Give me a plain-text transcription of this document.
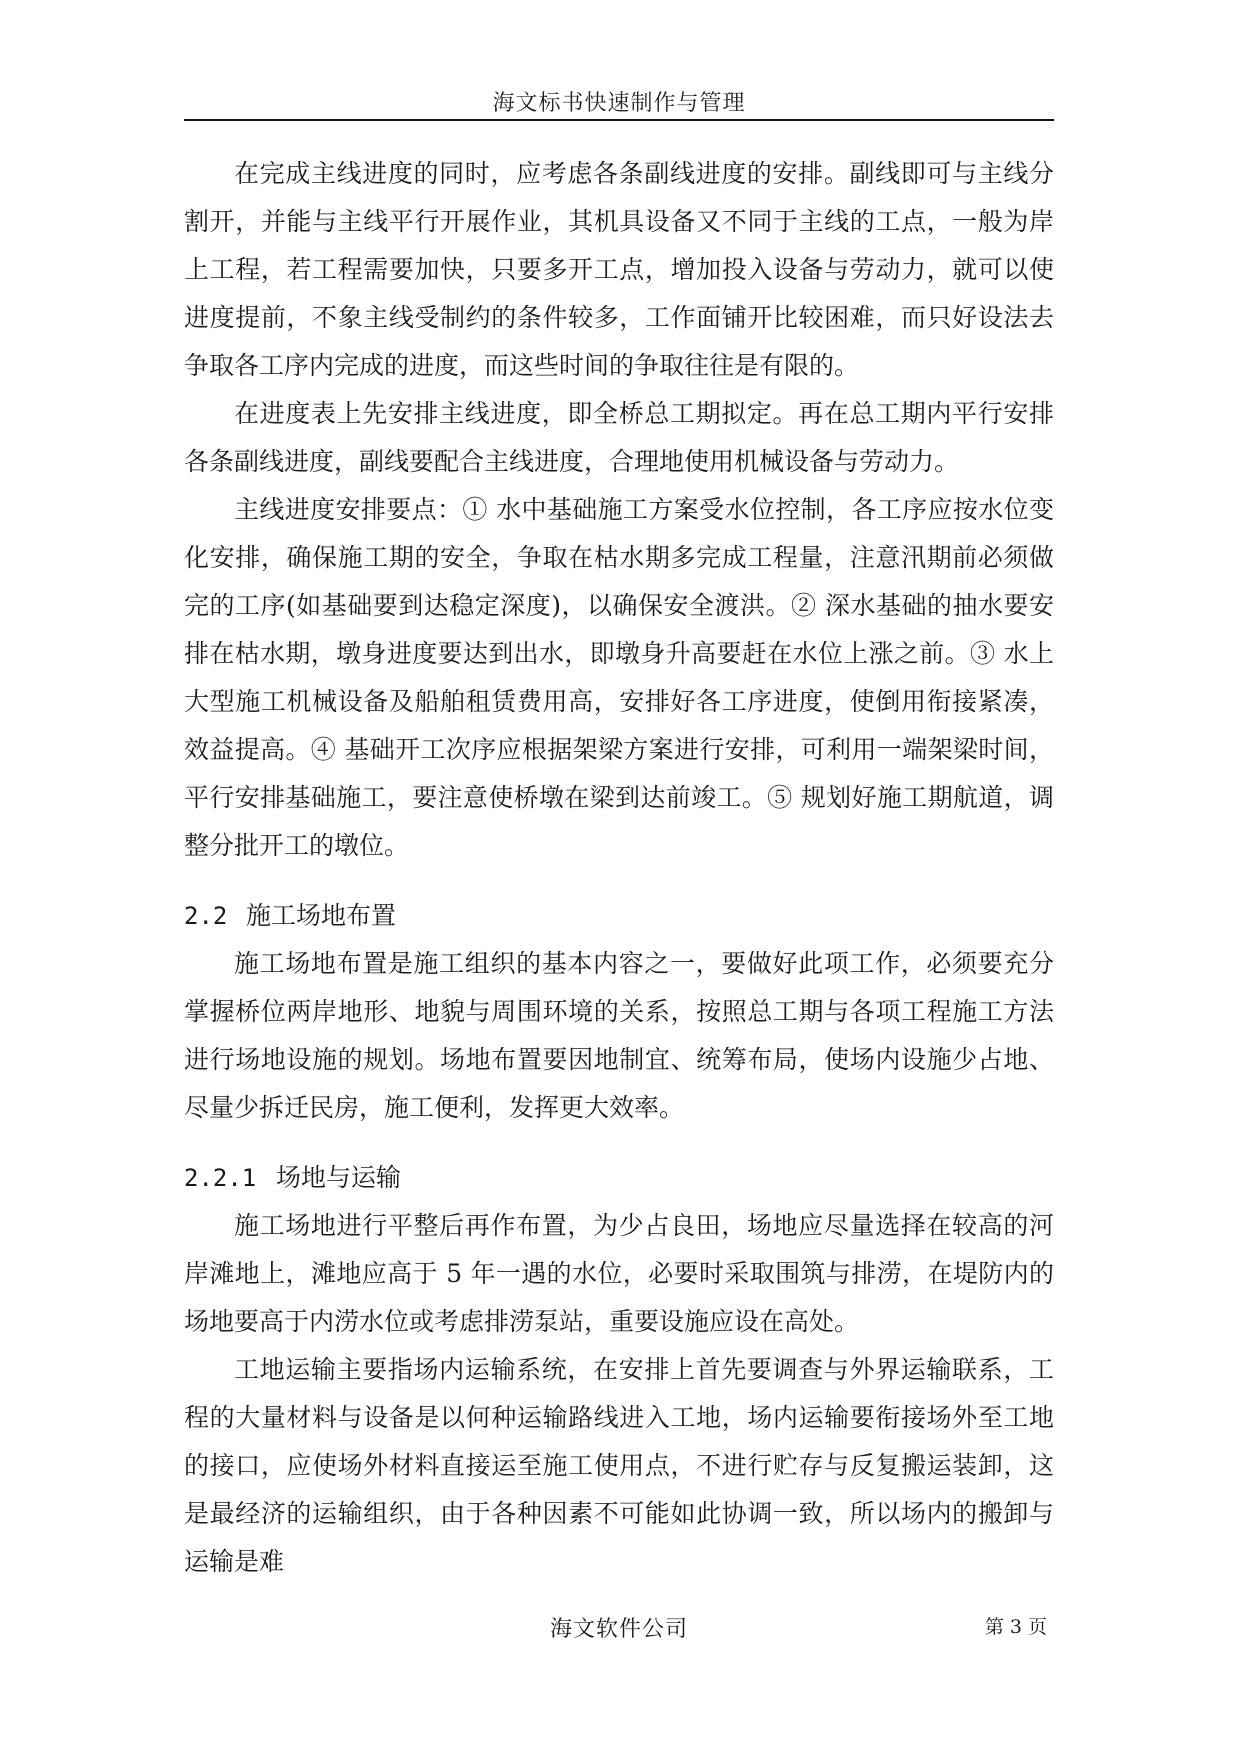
海文标书快速制作与管理

在完成主线进度的同时，应考虑各条副线进度的安排。副线即可与主线分割开，并能与主线平行开展作业，其机具设备又不同于主线的工点，一般为岸上工程，若工程需要加快，只要多开工点，增加投入设备与劳动力，就可以使进度提前，不象主线受制约的条件较多，工作面铺开比较困难，而只好设法去争取各工序内完成的进度，而这些时间的争取往往是有限的。

在进度表上先安排主线进度，即全桥总工期拟定。再在总工期内平行安排各条副线进度，副线要配合主线进度，合理地使用机械设备与劳动力。

主线进度安排要点：① 水中基础施工方案受水位控制，各工序应按水位变化安排，确保施工期的安全，争取在枯水期多完成工程量，注意汛期前必须做完的工序(如基础要到达稳定深度)，以确保安全渡洪。② 深水基础的抽水要安排在枯水期，墩身进度要达到出水，即墩身升高要赶在水位上涨之前。③ 水上大型施工机械设备及船舶租赁费用高，安排好各工序进度，使倒用衔接紧凑，效益提高。④ 基础开工次序应根据架梁方案进行安排，可利用一端架梁时间，平行安排基础施工，要注意使桥墩在梁到达前竣工。⑤ 规划好施工期航道，调整分批开工的墩位。

2.2 施工场地布置

施工场地布置是施工组织的基本内容之一，要做好此项工作，必须要充分掌握桥位两岸地形、地貌与周围环境的关系，按照总工期与各项工程施工方法进行场地设施的规划。场地布置要因地制宜、统筹布局，使场内设施少占地、尽量少拆迁民房，施工便利，发挥更大效率。

2.2.1 场地与运输

施工场地进行平整后再作布置，为少占良田，场地应尽量选择在较高的河岸滩地上，滩地应高于 5 年一遇的水位，必要时采取围筑与排涝，在堤防内的场地要高于内涝水位或考虑排涝泵站，重要设施应设在高处。

工地运输主要指场内运输系统，在安排上首先要调查与外界运输联系，工程的大量材料与设备是以何种运输路线进入工地，场内运输要衔接场外至工地的接口，应使场外材料直接运至施工使用点，不进行贮存与反复搬运装卸，这是最经济的运输组织，由于各种因素不可能如此协调一致，所以场内的搬卸与运输是难

海文软件公司	第 3 页
